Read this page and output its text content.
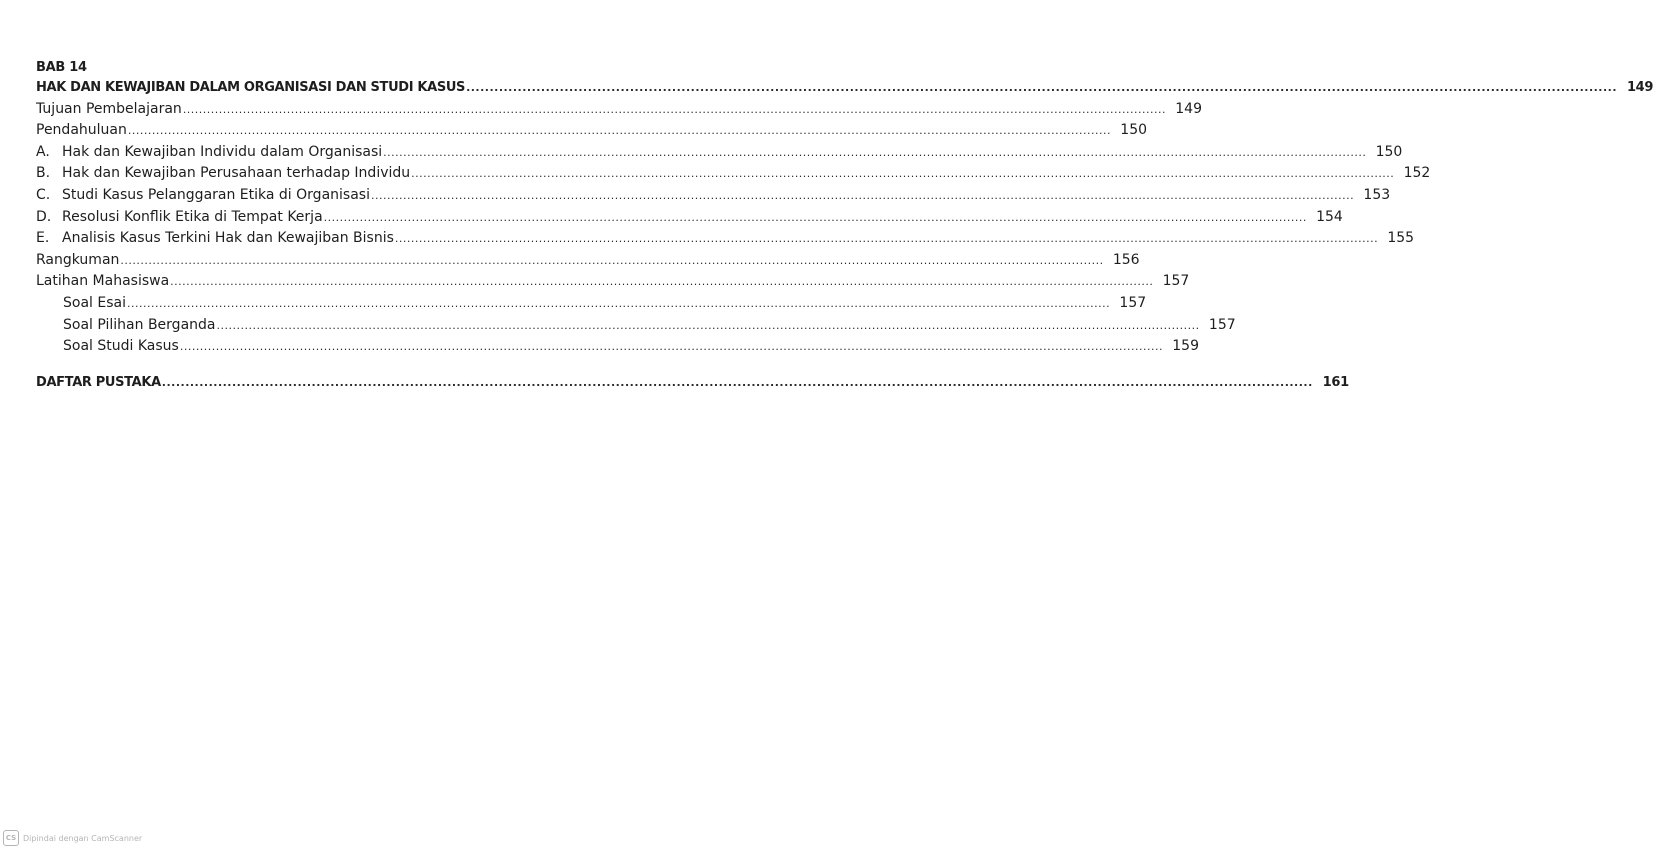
BAB 14
HAK DAN KEWAJIBAN DALAM ORGANISASI DAN STUDI KASUS .....	149
Tujuan Pembelajaran .....	149
Pendahuluan .....	150
A. Hak dan Kewajiban Individu dalam Organisasi .....	150
B. Hak dan Kewajiban Perusahaan terhadap Individu .....	152
C. Studi Kasus Pelanggaran Etika di Organisasi .....	153
D. Resolusi Konflik Etika di Tempat Kerja .....	154
E. Analisis Kasus Terkini Hak dan Kewajiban Bisnis .....	155
Rangkuman .....	156
Latihan Mahasiswa .....	157
Soal Esai .....	157
Soal Pilihan Berganda .....	157
Soal Studi Kasus .....	159
DAFTAR PUSTAKA .....	161
CS Dipindai dengan CamScanner
